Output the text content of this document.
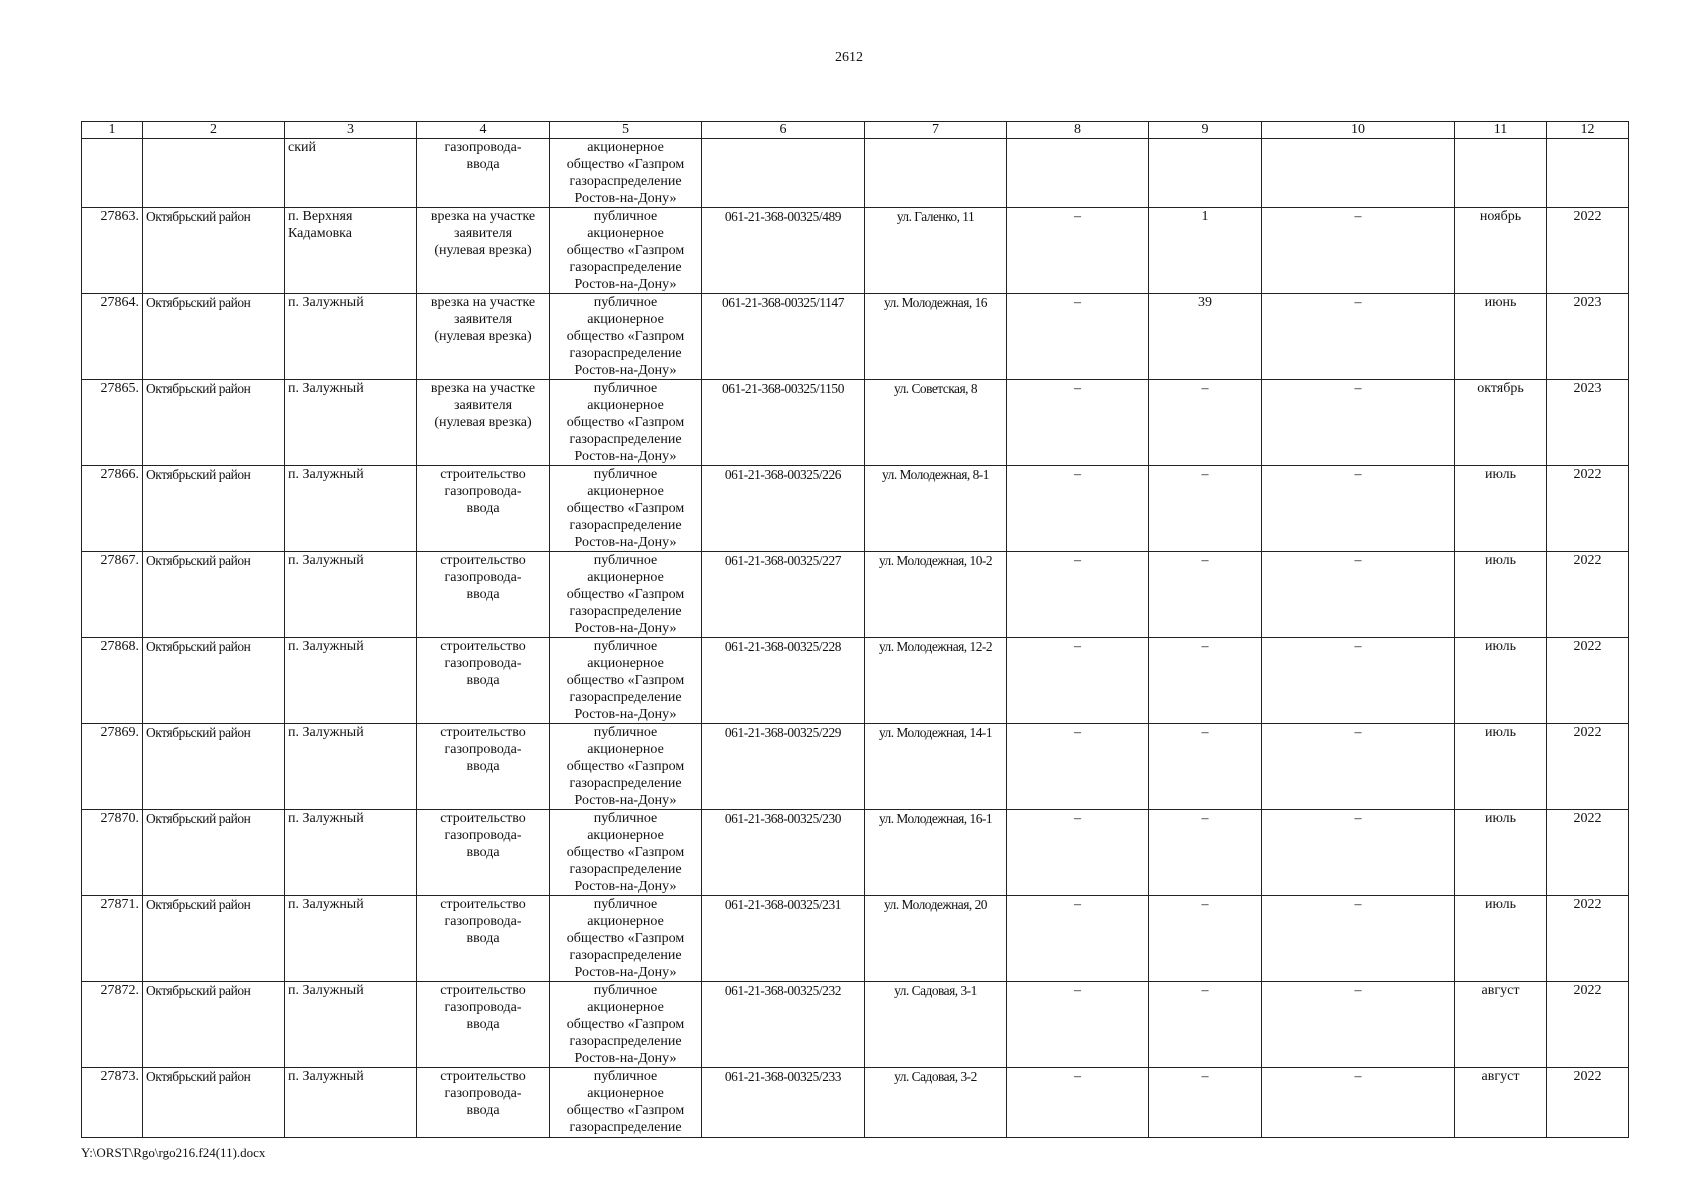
2612
1	2	3	4	5	6	7	8	9	10	11	12
		ский	газопровода-
ввода	акционерное
общество «Газпром
газораспределение
Ростов-на-Дону»							
27863.	Октябрьский район	п. Верхняя
Кадамовка	врезка на участке
заявителя
(нулевая врезка)	публичное
акционерное
общество «Газпром
газораспределение
Ростов-на-Дону»	061-21-368-00325/489	ул. Галенко, 11	–	1	–	ноябрь	2022
27864.	Октябрьский район	п. Залужный	врезка на участке
заявителя
(нулевая врезка)	публичное
акционерное
общество «Газпром
газораспределение
Ростов-на-Дону»	061-21-368-00325/1147	ул. Молодежная, 16	–	39	–	июнь	2023
27865.	Октябрьский район	п. Залужный	врезка на участке
заявителя
(нулевая врезка)	публичное
акционерное
общество «Газпром
газораспределение
Ростов-на-Дону»	061-21-368-00325/1150	ул. Советская, 8	–	–	–	октябрь	2023
27866.	Октябрьский район	п. Залужный	строительство
газопровода-
ввода	публичное
акционерное
общество «Газпром
газораспределение
Ростов-на-Дону»	061-21-368-00325/226	ул. Молодежная, 8-1	–	–	–	июль	2022
27867.	Октябрьский район	п. Залужный	строительство
газопровода-
ввода	публичное
акционерное
общество «Газпром
газораспределение
Ростов-на-Дону»	061-21-368-00325/227	ул. Молодежная, 10-2	–	–	–	июль	2022
27868.	Октябрьский район	п. Залужный	строительство
газопровода-
ввода	публичное
акционерное
общество «Газпром
газораспределение
Ростов-на-Дону»	061-21-368-00325/228	ул. Молодежная, 12-2	–	–	–	июль	2022
27869.	Октябрьский район	п. Залужный	строительство
газопровода-
ввода	публичное
акционерное
общество «Газпром
газораспределение
Ростов-на-Дону»	061-21-368-00325/229	ул. Молодежная, 14-1	–	–	–	июль	2022
27870.	Октябрьский район	п. Залужный	строительство
газопровода-
ввода	публичное
акционерное
общество «Газпром
газораспределение
Ростов-на-Дону»	061-21-368-00325/230	ул. Молодежная, 16-1	–	–	–	июль	2022
27871.	Октябрьский район	п. Залужный	строительство
газопровода-
ввода	публичное
акционерное
общество «Газпром
газораспределение
Ростов-на-Дону»	061-21-368-00325/231	ул. Молодежная, 20	–	–	–	июль	2022
27872.	Октябрьский район	п. Залужный	строительство
газопровода-
ввода	публичное
акционерное
общество «Газпром
газораспределение
Ростов-на-Дону»	061-21-368-00325/232	ул. Садовая, 3-1	–	–	–	август	2022
27873.	Октябрьский район	п. Залужный	строительство
газопровода-
ввода	публичное
акционерное
общество «Газпром
газораспределение	061-21-368-00325/233	ул. Садовая, 3-2	–	–	–	август	2022
Y:\ORST\Rgo\rgo216.f24(11).docx
